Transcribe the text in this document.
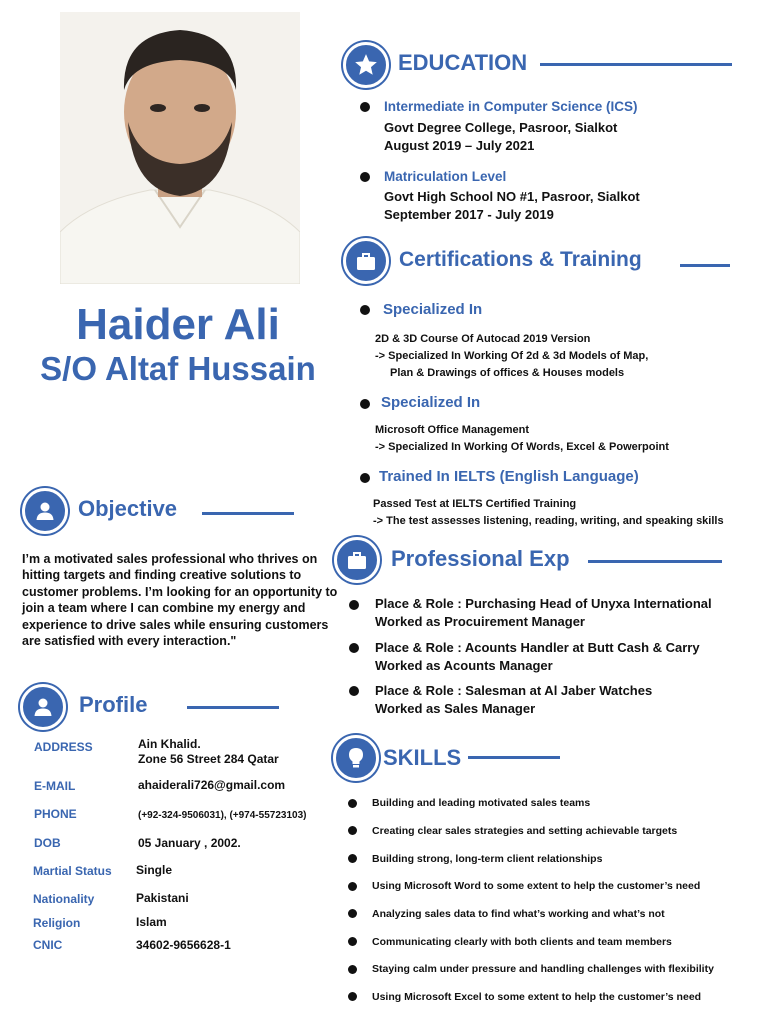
Haider Ali
S/O Altaf Hussain
EDUCATION
Intermediate in Computer Science (ICS)
Govt Degree College, Pasroor, Sialkot
August 2019 – July 2021
Matriculation Level
Govt High School NO #1, Pasroor, Sialkot
September 2017 - July 2019
Certifications & Training
Specialized In
2D & 3D Course Of Autocad 2019 Version
-> Specialized In Working Of 2d & 3d Models of Map,
Plan & Drawings of offices & Houses models
Specialized In
Microsoft Office Management
-> Specialized In Working Of Words, Excel & Powerpoint
Trained In IELTS (English Language)
Passed Test at IELTS Certified Training
-> The test assesses listening, reading, writing, and speaking skills
Objective
I’m a motivated sales professional who thrives on hitting targets and finding creative solutions to customer problems. I’m looking for an opportunity to join a team where I can combine my energy and experience to drive sales while ensuring customers are satisfied with every interaction."
Professional Exp
Place & Role : Purchasing Head of Unyxa International
Worked as Procuirement Manager
Place & Role : Acounts Handler at Butt Cash & Carry
Worked as Acounts Manager
Place & Role : Salesman at Al Jaber Watches
Worked as Sales Manager
Profile
ADDRESS	Ain Khalid.
Zone 56 Street 284 Qatar
E-MAIL	ahaiderali726@gmail.com
PHONE	(+92-324-9506031), (+974-55723103)
DOB	05 January , 2002.
Martial Status Single
Nationality	Pakistani
Religion	Islam
CNIC	34602-9656628-1
SKILLS
Building and leading motivated sales teams
Creating clear sales strategies and setting achievable targets
Building strong, long-term client relationships
Using Microsoft Word to some extent to help the customer’s need
Analyzing sales data to find what’s working and what’s not
Communicating clearly with both clients and team members
Staying calm under pressure and handling challenges with flexibility
Using Microsoft Excel to some extent to help the customer’s need
